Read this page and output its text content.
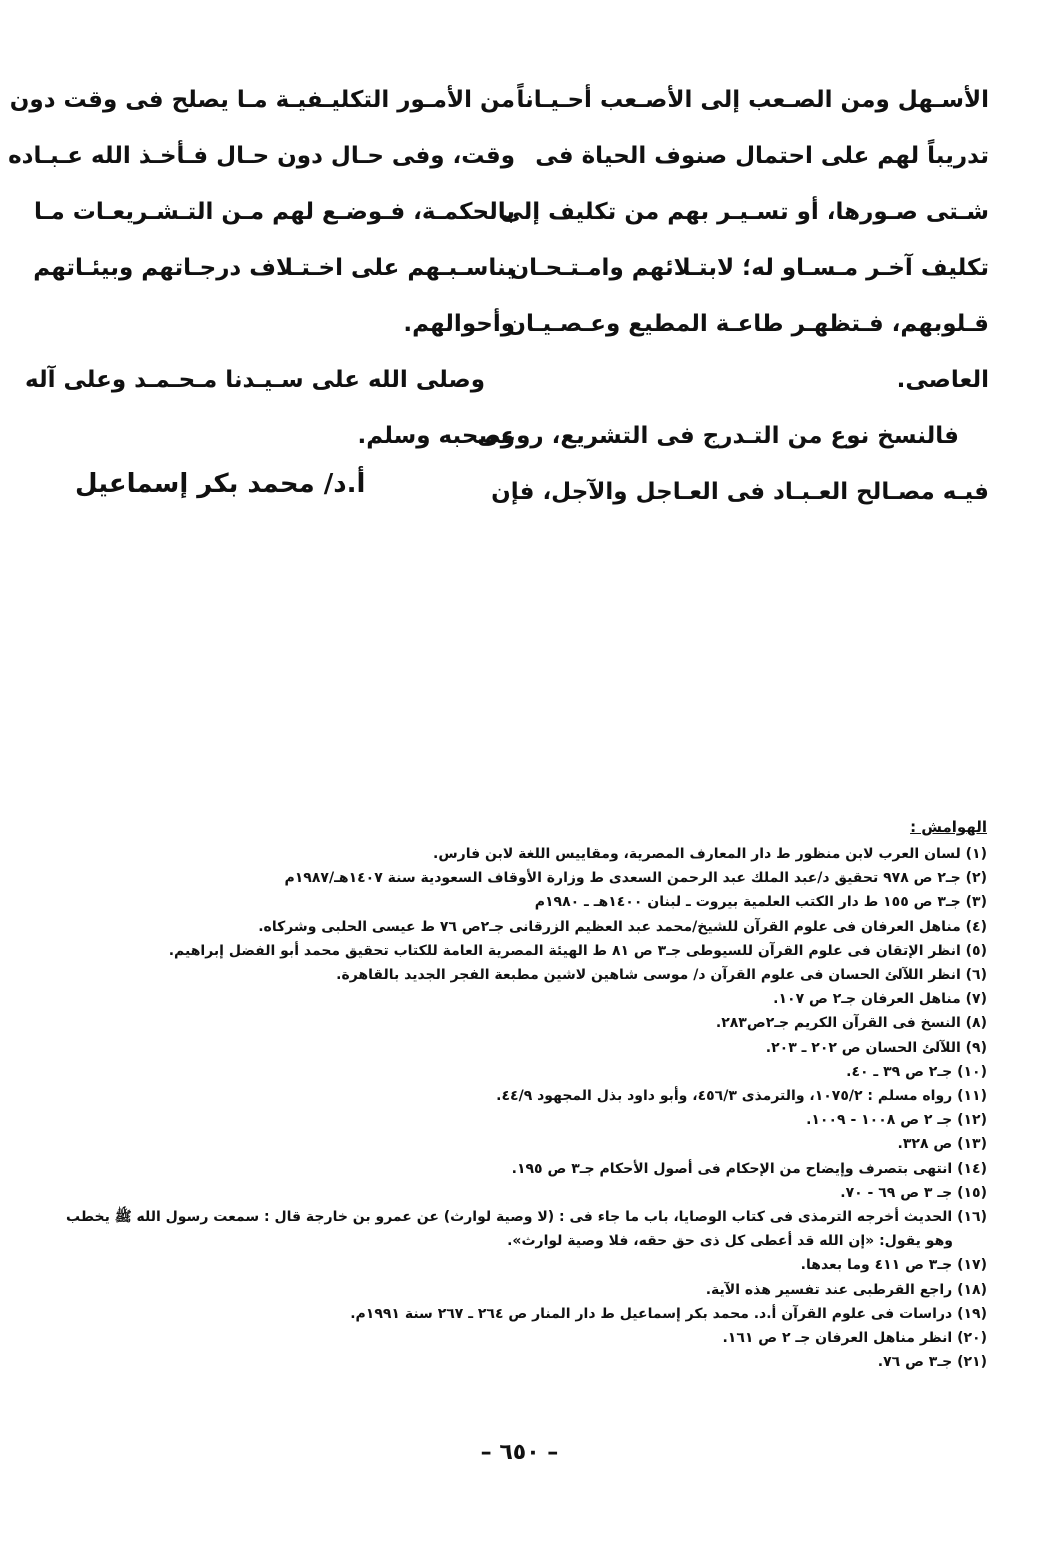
الأسـهل ومن الصـعب إلى الأصـعب أحـيـاناً
تدريباً لهم على احتمال صنوف الحياة فى
شـتى صـورها، أو تسـيـر بهم من تكليف إلى
تكليف آخـر مـسـاو له؛ لابتـلائهم وامـتـحـان
قـلوبهم، فـتظهـر طاعـة المطيع وعـصـيـان
العاصى.
فالنسخ نوع من التـدرج فى التشريع، روعى
فيـه مصـالح العـبـاد فى العـاجل والآجل، فإن
من الأمـور التكليـفيـة مـا يصلح فى وقت دون
وقت، وفى حـال دون حـال فـأخـذ الله عـبـاده
بالحكمـة، فـوضـع لهم مـن التـشـريعـات مـا
يناسـبـهم على اخـتـلاف درجـاتهم وبيئـاتهم
وأحوالهم.
وصلى الله على سـيـدنا مـحـمـد وعلى آله
وصحبه وسلم.
أ.د/ محمد بكر إسماعيل
الهوامش :
(١) لسان العرب لابن منظور ط دار المعارف المصرية، ومقاييس اللغة لابن فارس.
(٢) جـ٢ ص ٩٧٨ تحقيق د/عبد الملك عبد الرحمن السعدى ط وزارة الأوقاف السعودية سنة ١٤٠٧هـ/١٩٨٧م
(٣) جـ٣ ص ١٥٥ ط دار الكتب العلمية بيروت ـ لبنان ١٤٠٠هـ ـ ١٩٨٠م
(٤) مناهل العرفان فى علوم القرآن للشيخ/محمد عبد العظيم الزرقانى جـ٢ص ٧٦ ط عيسى الحلبى وشركاه.
(٥) انظر الإتقان فى علوم القرآن للسيوطى جـ٣ ص ٨١ ط الهيئة المصرية العامة للكتاب تحقيق محمد أبو الفضل إبراهيم.
(٦) انظر اللآلئ الحسان فى علوم القرآن د/ موسى شاهين لاشين مطبعة الفجر الجديد بالقاهرة.
(٧) مناهل العرفان جـ٢ ص ١٠٧.
(٨) النسخ فى القرآن الكريم جـ٢ص٢٨٣.
(٩) اللآلئ الحسان ص ٢٠٢ ـ ٢٠٣.
(١٠) جـ٢ ص ٣٩ ـ ٤٠.
(١١) رواه مسلم : ١٠٧٥/٢، والترمذى ٤٥٦/٣، وأبو داود بذل المجهود ٤٤/٩.
(١٢) جـ ٢ ص ١٠٠٨ - ١٠٠٩.
(١٣) ص ٣٢٨.
(١٤) انتهى بتصرف وإيضاح من الإحكام فى أصول الأحكام جـ٣ ص ١٩٥.
(١٥) جـ ٣ ص ٦٩ - ٧٠.
(١٦) الحديث أخرجه الترمذى فى كتاب الوصايا، باب ما جاء فى : (لا وصية لوارث) عن عمرو بن خارجة قال : سمعت رسول الله ﷺ يخطب
وهو يقول: «إن الله قد أعطى كل ذى حق حقه، فلا وصية لوارث».
(١٧) جـ٣ ص ٤١١ وما بعدها.
(١٨) راجع القرطبى عند تفسير هذه الآية.
(١٩) دراسات فى علوم القرآن أ.د. محمد بكر إسماعيل ط دار المنار ص ٢٦٤ ـ ٢٦٧ سنة ١٩٩١م.
(٢٠) انظر مناهل العرفان جـ ٢ ص ١٦١.
(٢١) جـ٣ ص ٧٦.
– ٦٥٠ –
